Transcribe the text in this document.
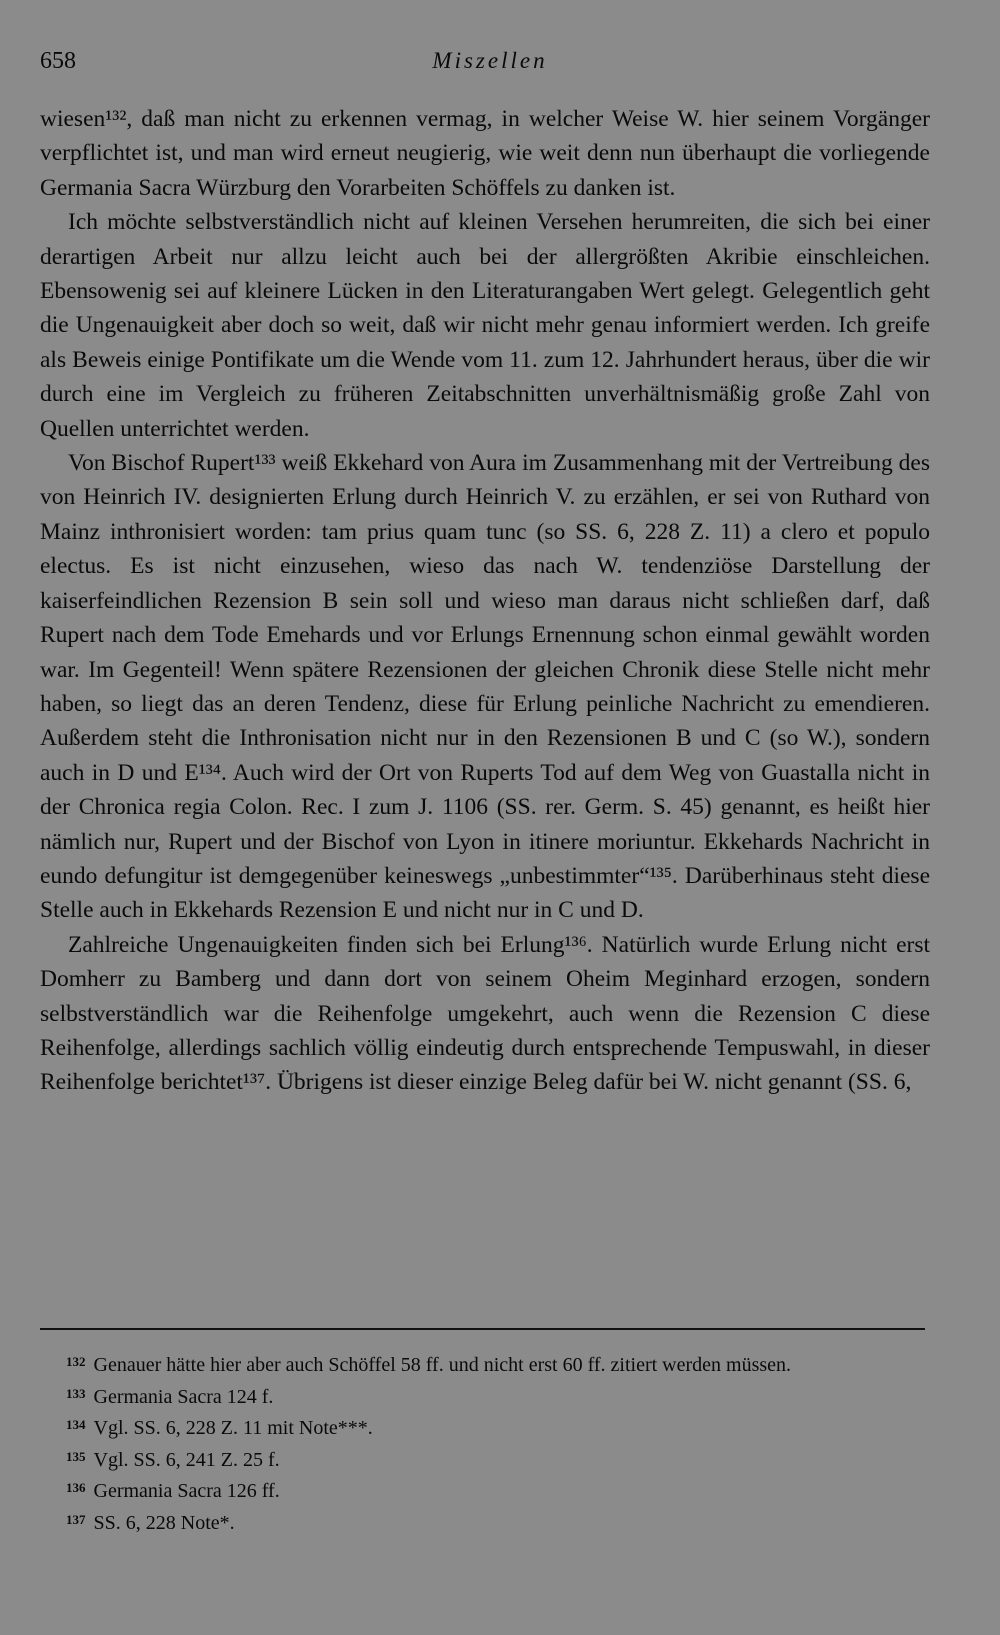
658	Miszellen

wiesen¹³², daß man nicht zu erkennen vermag, in welcher Weise W. hier seinem Vorgänger verpflichtet ist, und man wird erneut neugierig, wie weit denn nun überhaupt die vorliegende Germania Sacra Würzburg den Vorarbeiten Schöffels zu danken ist.

Ich möchte selbstverständlich nicht auf kleinen Versehen herumreiten, die sich bei einer derartigen Arbeit nur allzu leicht auch bei der allergrößten Akribie einschleichen. Ebensowenig sei auf kleinere Lücken in den Literaturangaben Wert gelegt. Gelegentlich geht die Ungenauigkeit aber doch so weit, daß wir nicht mehr genau informiert werden. Ich greife als Beweis einige Pontifikate um die Wende vom 11. zum 12. Jahrhundert heraus, über die wir durch eine im Vergleich zu früheren Zeitabschnitten unverhältnismäßig große Zahl von Quellen unterrichtet werden.

Von Bischof Rupert¹³³ weiß Ekkehard von Aura im Zusammenhang mit der Vertreibung des von Heinrich IV. designierten Erlung durch Heinrich V. zu erzählen, er sei von Ruthard von Mainz inthronisiert worden: tam prius quam tunc (so SS. 6, 228 Z. 11) a clero et populo electus. Es ist nicht einzusehen, wieso das nach W. tendenziöse Darstellung der kaiserfeindlichen Rezension B sein soll und wieso man daraus nicht schließen darf, daß Rupert nach dem Tode Emehards und vor Erlungs Ernennung schon einmal gewählt worden war. Im Gegenteil! Wenn spätere Rezensionen der gleichen Chronik diese Stelle nicht mehr haben, so liegt das an deren Tendenz, diese für Erlung peinliche Nachricht zu emendieren. Außerdem steht die Inthronisation nicht nur in den Rezensionen B und C (so W.), sondern auch in D und E¹³⁴. Auch wird der Ort von Ruperts Tod auf dem Weg von Guastalla nicht in der Chronica regia Colon. Rec. I zum J. 1106 (SS. rer. Germ. S. 45) genannt, es heißt hier nämlich nur, Rupert und der Bischof von Lyon in itinere moriuntur. Ekkehards Nachricht in eundo defungitur ist demgegenüber keineswegs „unbestimmter“¹³⁵. Darüberhinaus steht diese Stelle auch in Ekkehards Rezension E und nicht nur in C und D.

Zahlreiche Ungenauigkeiten finden sich bei Erlung¹³⁶. Natürlich wurde Erlung nicht erst Domherr zu Bamberg und dann dort von seinem Oheim Meginhard erzogen, sondern selbstverständlich war die Reihenfolge umgekehrt, auch wenn die Rezension C diese Reihenfolge, allerdings sachlich völlig eindeutig durch entsprechende Tempuswahl, in dieser Reihenfolge berichtet¹³⁷. Übrigens ist dieser einzige Beleg dafür bei W. nicht genannt (SS. 6,

$^{132}$ Genauer hätte hier aber auch Schöffel 58 ff. und nicht erst 60 ff. zitiert werden müssen.

$^{133}$ Germania Sacra 124 f.

$^{134}$ Vgl. SS. 6, 228 Z. 11 mit Note***.

$^{135}$ Vgl. SS. 6, 241 Z. 25 f.

$^{136}$ Germania Sacra 126 ff.

$^{137}$ SS. 6, 228 Note*.
